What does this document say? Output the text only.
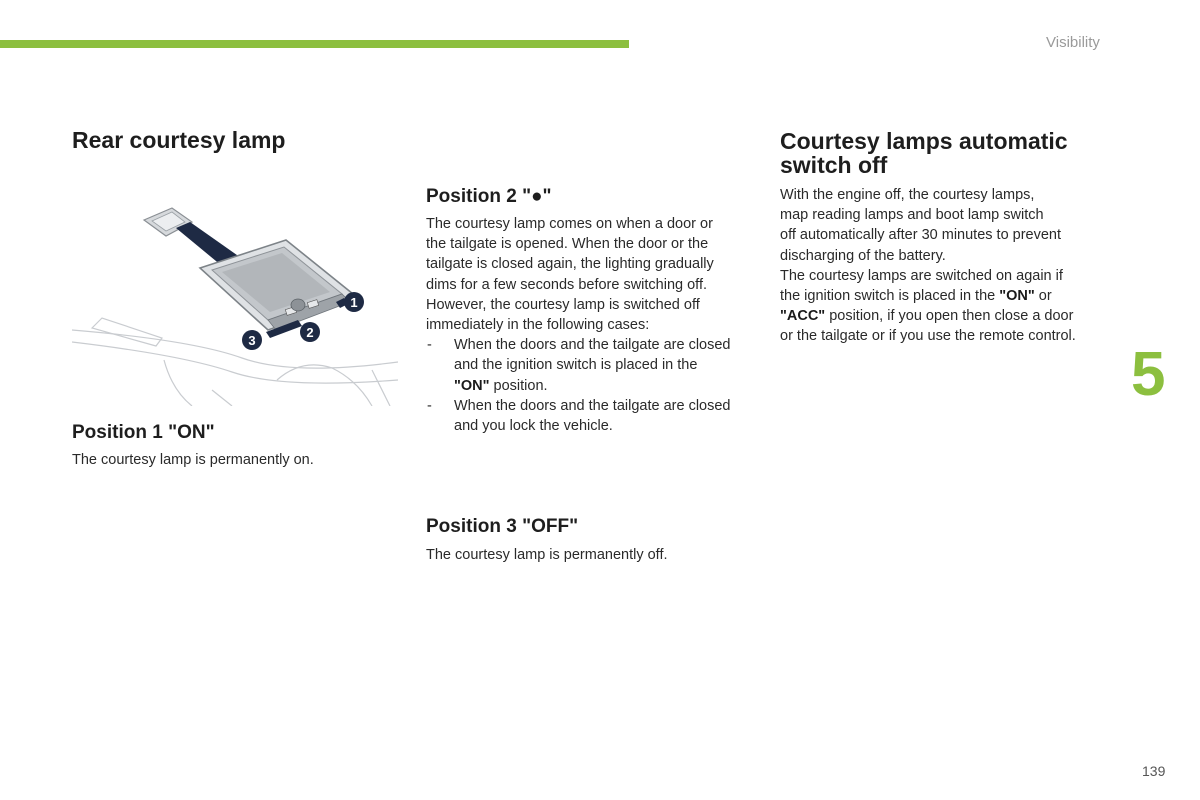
Visibility
Rear courtesy lamp
1
2
3
Position 1 "ON"

The courtesy lamp is permanently on.

Position 2 "●"
The courtesy lamp comes on when a door or
the tailgate is opened. When the door or the
tailgate is closed again, the lighting gradually
dims for a few seconds before switching off.
However, the courtesy lamp is switched off
immediately in the following cases:
- When the doors and the tailgate are closed
and the ignition switch is placed in the
"ON" position.
- When the doors and the tailgate are closed
and you lock the vehicle.
Position 3 "OFF"

The courtesy lamp is permanently off.

Courtesy lamps automatic
switch off
With the engine off, the courtesy lamps,
map reading lamps and boot lamp switch
off automatically after 30 minutes to prevent
discharging of the battery.
The courtesy lamps are switched on again if
the ignition switch is placed in the "ON" or
"ACC" position, if you open then close a door
or the tailgate or if you use the remote control.
5
139
